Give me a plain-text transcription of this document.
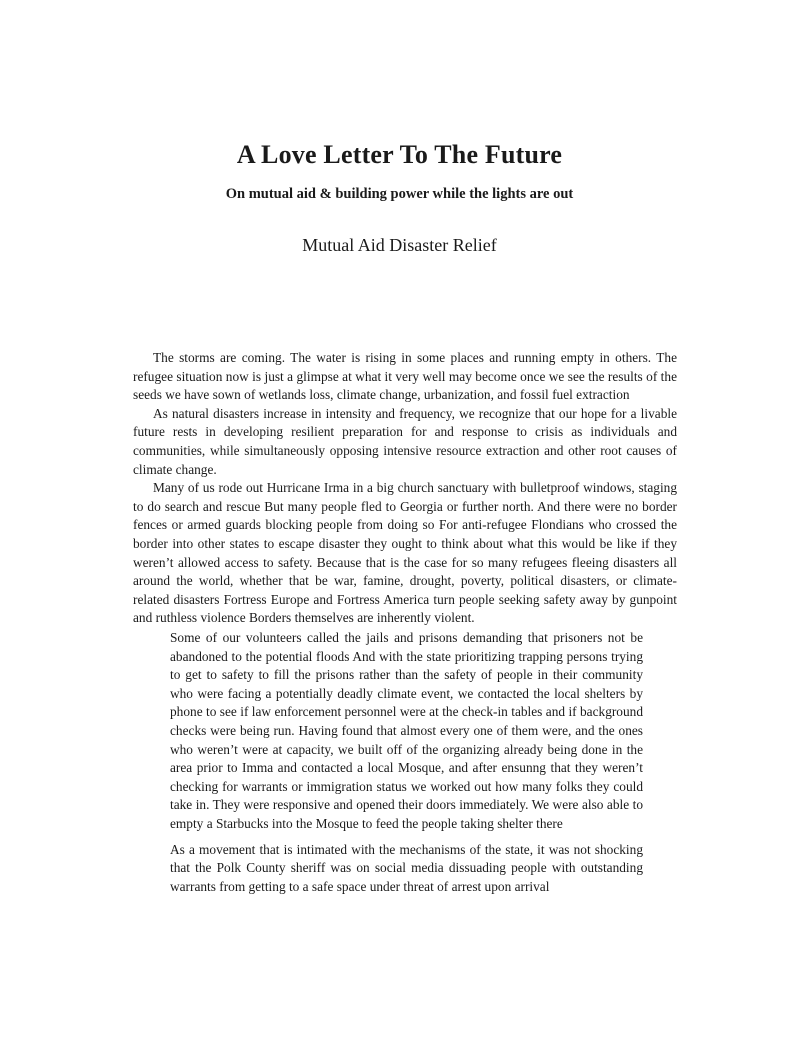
A Love Letter To The Future
On mutual aid & building power while the lights are out
Mutual Aid Disaster Relief

The storms are coming. The water is rising in some places and running empty in others. The refugee situation now is just a glimpse at what it very well may become once we see the results of the seeds we have sown of wetlands loss, climate change, urbanization, and fossil fuel extraction

As natural disasters increase in intensity and frequency, we recognize that our hope for a livable future rests in developing resilient preparation for and response to crisis as individuals and communities, while simultaneously opposing intensive resource extraction and other root causes of climate change.

Many of us rode out Hurricane Irma in a big church sanctuary with bulletproof windows, staging to do search and rescue But many people fled to Georgia or further north. And there were no border fences or armed guards blocking people from doing so For anti-refugee Flondians who crossed the border into other states to escape disaster they ought to think about what this would be like if they weren’t allowed access to safety. Because that is the case for so many refugees fleeing disasters all around the world, whether that be war, famine, drought, poverty, political disasters, or climate- related disasters Fortress Europe and Fortress America turn people seeking safety away by gunpoint and ruthless violence Borders themselves are inherently violent.

Some of our volunteers called the jails and prisons demanding that prisoners not be abandoned to the potential floods And with the state prioritizing trapping persons trying to get to safety to fill the prisons rather than the safety of people in their community who were facing a potentially deadly climate event, we contacted the local shelters by phone to see if law enforcement personnel were at the check-in tables and if background checks were being run. Having found that almost every one of them were, and the ones who weren’t were at capacity, we built off of the organizing already being done in the area prior to Imma and contacted a local Mosque, and after ensunng that they weren’t checking for warrants or immigration status we worked out how many folks they could take in. They were responsive and opened their doors immediately. We were also able to empty a Starbucks into the Mosque to feed the people taking shelter there

As a movement that is intimated with the mechanisms of the state, it was not shocking that the Polk County sheriff was on social media dissuading people with outstanding warrants from getting to a safe space under threat of arrest upon arrival
